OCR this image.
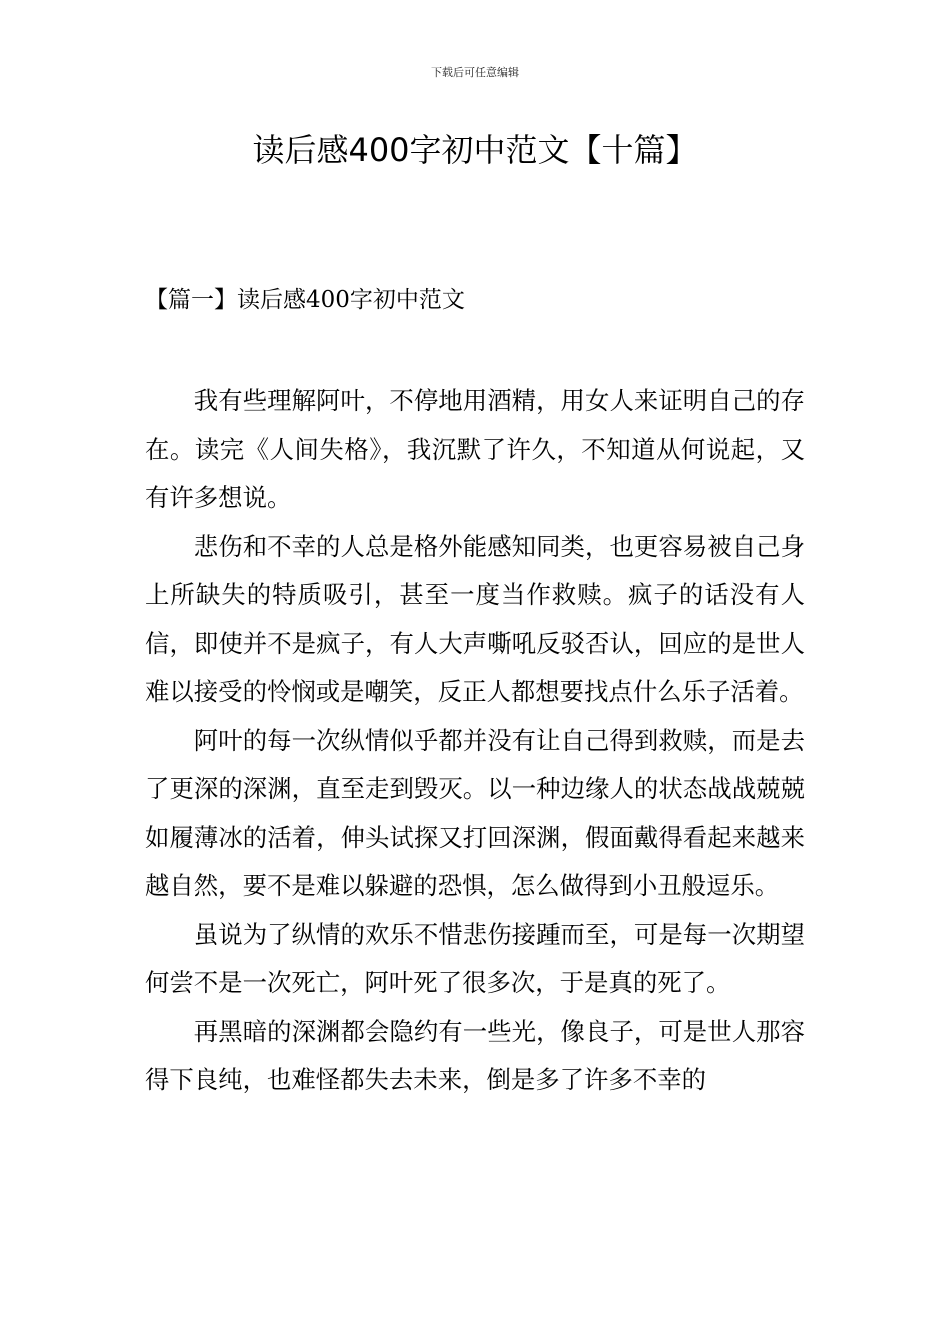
下载后可任意编辑
读后感400字初中范文【十篇】
【篇一】读后感400字初中范文

我有些理解阿叶，不停地用酒精，用女人来证明自己的存在。读完《人间失格》，我沉默了许久，不知道从何说起，又有许多想说。

悲伤和不幸的人总是格外能感知同类，也更容易被自己身上所缺失的特质吸引，甚至一度当作救赎。疯子的话没有人信，即使并不是疯子，有人大声嘶吼反驳否认，回应的是世人难以接受的怜悯或是嘲笑，反正人都想要找点什么乐子活着。

阿叶的每一次纵情似乎都并没有让自己得到救赎，而是去了更深的深渊，直至走到毁灭。以一种边缘人的状态战战兢兢如履薄冰的活着，伸头试探又打回深渊，假面戴得看起来越来越自然，要不是难以躲避的恐惧，怎么做得到小丑般逗乐。

虽说为了纵情的欢乐不惜悲伤接踵而至，可是每一次期望何尝不是一次死亡，阿叶死了很多次，于是真的死了。

再黑暗的深渊都会隐约有一些光，像良子，可是世人那容得下良纯，也难怪都失去未来，倒是多了许多不幸的
